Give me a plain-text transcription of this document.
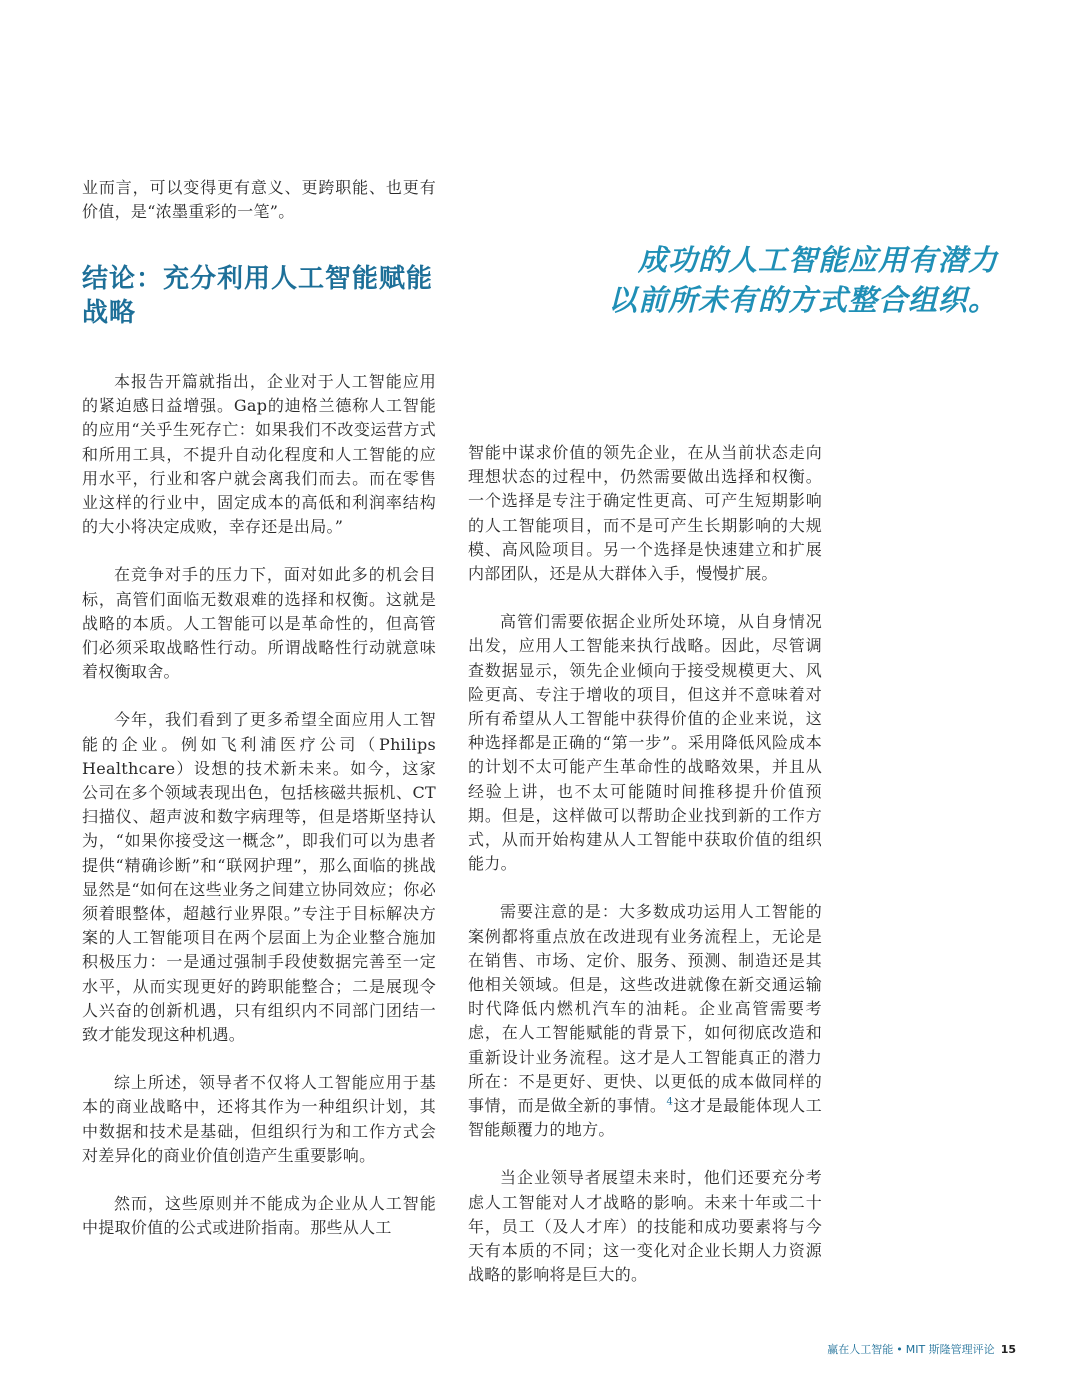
业而言，可以变得更有意义、更跨职能、也更有价值，是“浓墨重彩的一笔”。

结论：充分利用人工智能赋能战略
成功的人工智能应用有潜力
以前所未有的方式整合组织。

本报告开篇就指出，企业对于人工智能应用的紧迫感日益增强。Gap的迪格兰德称人工智能的应用“关乎生死存亡：如果我们不改变运营方式和所用工具，不提升自动化程度和人工智能的应用水平，行业和客户就会离我们而去。而在零售业这样的行业中，固定成本的高低和利润率结构的大小将决定成败，幸存还是出局。”

在竞争对手的压力下，面对如此多的机会目标，高管们面临无数艰难的选择和权衡。这就是战略的本质。人工智能可以是革命性的，但高管们必须采取战略性行动。所谓战略性行动就意味着权衡取舍。

今年，我们看到了更多希望全面应用人工智能的企业。例如飞利浦医疗公司（Philips Healthcare）设想的技术新未来。如今，这家公司在多个领域表现出色，包括核磁共振机、CT扫描仪、超声波和数字病理等，但是塔斯坚持认为，“如果你接受这一概念”，即我们可以为患者提供“精确诊断”和“联网护理”，那么面临的挑战显然是“如何在这些业务之间建立协同效应；你必须着眼整体，超越行业界限。”专注于目标解决方案的人工智能项目在两个层面上为企业整合施加积极压力：一是通过强制手段使数据完善至一定水平，从而实现更好的跨职能整合；二是展现令人兴奋的创新机遇，只有组织内不同部门团结一致才能发现这种机遇。

综上所述，领导者不仅将人工智能应用于基本的商业战略中，还将其作为一种组织计划，其中数据和技术是基础，但组织行为和工作方式会对差异化的商业价值创造产生重要影响。

然而，这些原则并不能成为企业从人工智能中提取价值的公式或进阶指南。那些从人工

智能中谋求价值的领先企业，在从当前状态走向理想状态的过程中，仍然需要做出选择和权衡。一个选择是专注于确定性更高、可产生短期影响的人工智能项目，而不是可产生长期影响的大规模、高风险项目。另一个选择是快速建立和扩展内部团队，还是从大群体入手，慢慢扩展。

高管们需要依据企业所处环境，从自身情况出发，应用人工智能来执行战略。因此，尽管调查数据显示，领先企业倾向于接受规模更大、风险更高、专注于增收的项目，但这并不意味着对所有希望从人工智能中获得价值的企业来说，这种选择都是正确的“第一步”。采用降低风险成本的计划不太可能产生革命性的战略效果，并且从经验上讲，也不太可能随时间推移提升价值预期。但是，这样做可以帮助企业找到新的工作方式，从而开始构建从人工智能中获取价值的组织能力。

需要注意的是：大多数成功运用人工智能的案例都将重点放在改进现有业务流程上，无论是在销售、市场、定价、服务、预测、制造还是其他相关领域。但是，这些改进就像在新交通运输时代降低内燃机汽车的油耗。企业高管需要考虑，在人工智能赋能的背景下，如何彻底改造和重新设计业务流程。这才是人工智能真正的潜力所在：不是更好、更快、以更低的成本做同样的事情，而是做全新的事情。$^4$这才是最能体现人工智能颠覆力的地方。

当企业领导者展望未来时，他们还要充分考虑人工智能对人才战略的影响。未来十年或二十年，员工（及人才库）的技能和成功要素将与今天有本质的不同；这一变化对企业长期人力资源战略的影响将是巨大的。

赢在人工智能 • MIT 斯隆管理评论 15
